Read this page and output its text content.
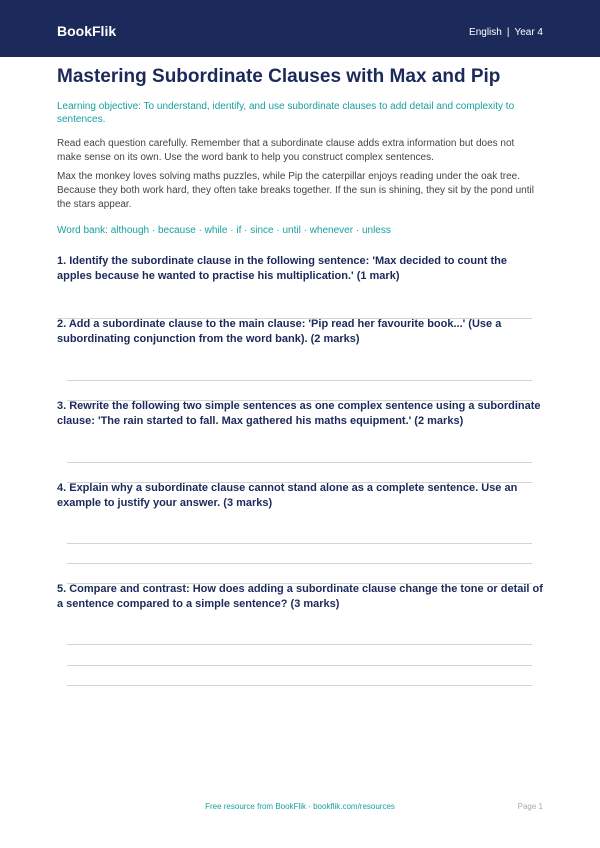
BookFlik	English | Year 4
Mastering Subordinate Clauses with Max and Pip
Learning objective: To understand, identify, and use subordinate clauses to add detail and complexity to sentences.
Read each question carefully. Remember that a subordinate clause adds extra information but does not make sense on its own. Use the word bank to help you construct complex sentences.
Max the monkey loves solving maths puzzles, while Pip the caterpillar enjoys reading under the oak tree. Because they both work hard, they often take breaks together. If the sun is shining, they sit by the pond until the stars appear.
Word bank: although · because · while · if · since · until · whenever · unless
1. Identify the subordinate clause in the following sentence: 'Max decided to count the apples because he wanted to practise his multiplication.' (1 mark)
2. Add a subordinate clause to the main clause: 'Pip read her favourite book...' (Use a subordinating conjunction from the word bank). (2 marks)
3. Rewrite the following two simple sentences as one complex sentence using a subordinate clause: 'The rain started to fall. Max gathered his maths equipment.' (2 marks)
4. Explain why a subordinate clause cannot stand alone as a complete sentence. Use an example to justify your answer. (3 marks)
5. Compare and contrast: How does adding a subordinate clause change the tone or detail of a sentence compared to a simple sentence? (3 marks)
Free resource from BookFlik · bookflik.com/resources	Page 1
